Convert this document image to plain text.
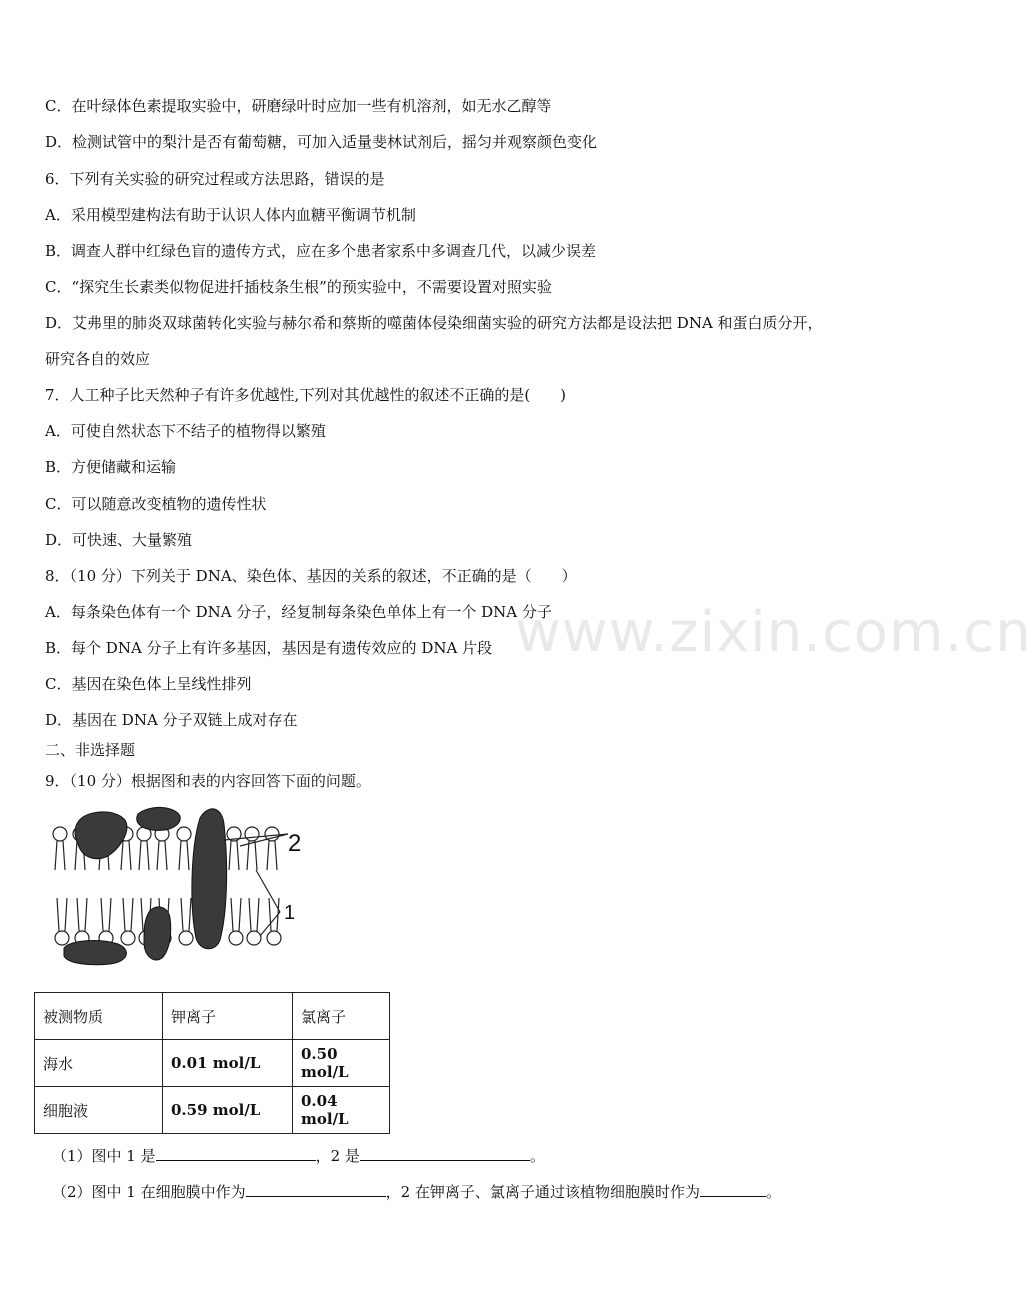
www.zixin.com.cn
C．在叶绿体色素提取实验中，研磨绿叶时应加一些有机溶剂，如无水乙醇等
D．检测试管中的梨汁是否有葡萄糖，可加入适量斐林试剂后，摇匀并观察颜色变化
6．下列有关实验的研究过程或方法思路，错误的是
A．采用模型建构法有助于认识人体内血糖平衡调节机制
B．调查人群中红绿色盲的遗传方式，应在多个患者家系中多调查几代，以减少误差
C．“探究生长素类似物促进扦插枝条生根”的预实验中，不需要设置对照实验
D．艾弗里的肺炎双球菌转化实验与赫尔希和蔡斯的噬菌体侵染细菌实验的研究方法都是设法把 DNA 和蛋白质分开，
研究各自的效应
7．人工种子比天然种子有许多优越性,下列对其优越性的叙述不正确的是(　　)
A．可使自然状态下不结子的植物得以繁殖
B．方便储藏和运输
C．可以随意改变植物的遗传性状
D．可快速、大量繁殖
8．（10 分）下列关于 DNA、染色体、基因的关系的叙述，不正确的是（　　）
A．每条染色体有一个 DNA 分子，经复制每条染色单体上有一个 DNA 分子
B．每个 DNA 分子上有许多基因，基因是有遗传效应的 DNA 片段
C．基因在染色体上呈线性排列
D．基因在 DNA 分子双链上成对存在
二、非选择题
9．（10 分）根据图和表的内容回答下面的问题。
2
1
被测物质	钾离子	氯离子
海水	0.01 mol/L	0.50 mol/L
细胞液	0.59 mol/L	0.04 mol/L
（1）图中 1 是	，2 是	。
（2）图中 1 在细胞膜中作为	，2 在钾离子、氯离子通过该植物细胞膜时作为	。
